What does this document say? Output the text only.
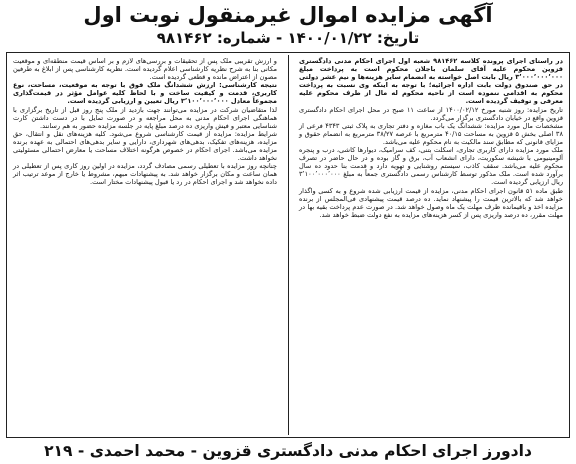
آگهی مزایده اموال غیرمنقول نوبت اول
تاریخ: ۱۴۰۰/۰۱/۲۲ - شماره: ۹۸۱۴۶۲

در راستای اجرای پرونده کلاسه ۹۸۱۴۶۲ شعبه اول اجرای احکام مدنی دادگستری قزوین محکوم علیه آقای سلمان باجلان محکوم است به پرداخت مبلغ ۳٬۰۰۰٬۰۰۰٬۰۰۰ ریال بابت اصل خواسته به انضمام سایر هزینه‌ها و نیم عشر دولتی در حق صندوق دولت بابت اداره اجرائیه؛ با توجه به اینکه وی نسبت به پرداخت محکوم به اقدامی ننموده است از ناحیه محکوم له مال از طرف محکوم علیه معرفی و توقیف گردیده است.

تاریخ مزایده: روز شنبه مورخ ۱۴۰۰/۰۲/۱۲ از ساعت ۱۱ صبح در محل اجرای احکام دادگستری قزوین واقع در خیابان دادگستری برگزار می‌گردد.

مشخصات مال مورد مزایده: ششدانگ یک باب مغازه و دفتر تجاری به پلاک ثبتی ۴۳۴۳ فرعی از ۳۸ اصلی بخش ۵ قزوین به مساحت ۴۰/۱۵ مترمربع با عرصه ۳۸/۲۷ مترمربع به انضمام حقوق و مزایای قانونی که مطابق سند مالکیت به نام محکوم علیه می‌باشد.

ملک مورد مزایده دارای کاربری تجاری، اسکلت بتنی، کف سرامیک، دیوارها کاشی، درب و پنجره آلومینیومی با شیشه سکوریت، دارای انشعاب آب، برق و گاز بوده و در حال حاضر در تصرف محکوم علیه می‌باشد. سقف کاذب، سیستم روشنایی و تهویه دارد و قدمت بنا حدود ده سال برآورد شده است. ملک مذکور توسط کارشناس رسمی دادگستری جمعاً به مبلغ ۳٬۱۰۰٬۰۰۰٬۰۰۰ ریال ارزیابی گردیده است.

طبق ماده ۵۱ قانون اجرای احکام مدنی، مزایده از قیمت ارزیابی شده شروع و به کسی واگذار خواهد شد که بالاترین قیمت را پیشنهاد نماید. ده درصد قیمت پیشنهادی فی‌المجلس از برنده مزایده اخذ و باقیمانده ظرف مهلت یک ماه وصول خواهد شد. در صورت عدم پرداخت بقیه بها در مهلت مقرر، ده درصد واریزی پس از کسر هزینه‌های مزایده به نفع دولت ضبط خواهد شد.

و ارزش تقریبی ملک پس از تحقیقات و بررسی‌های لازم و بر اساس قیمت منطقه‌ای و موقعیت مکانی بنا به شرح نظریه کارشناسی اعلام گردیده است. نظریه کارشناسی پس از ابلاغ به طرفین مصون از اعتراض مانده و قطعی گردیده است.

نتیجه کارشناسی: ارزش ششدانگ ملک فوق با توجه به موقعیت، مساحت، نوع کاربری، قدمت و کیفیت ساخت و با لحاظ کلیه عوامل مؤثر در قیمت‌گذاری مجموعاً معادل ۳٬۱۰۰٬۰۰۰٬۰۰۰ ریال تعیین و ارزیابی گردیده است.

لذا متقاضیان شرکت در مزایده می‌توانند جهت بازدید از ملک پنج روز قبل از تاریخ برگزاری با هماهنگی اجرای احکام مدنی به محل مراجعه و در صورت تمایل با در دست داشتن کارت شناسایی معتبر و فیش واریزی ده درصد مبلغ پایه در جلسه مزایده حضور به هم رسانند.

شرایط مزایده: مزایده از قیمت کارشناسی شروع می‌شود. کلیه هزینه‌های نقل و انتقال، حق مزایده، هزینه‌های تفکیک، بدهی‌های شهرداری، دارایی و سایر بدهی‌های احتمالی به عهده برنده مزایده می‌باشد. اجرای احکام در خصوص هرگونه اختلاف مساحت یا معارض احتمالی مسئولیتی نخواهد داشت.

چنانچه روز مزایده با تعطیلی رسمی مصادف گردد، مزایده در اولین روز کاری پس از تعطیلی در همان ساعت و مکان برگزار خواهد شد. به پیشنهادات مبهم، مشروط یا خارج از موعد ترتیب اثر داده نخواهد شد و اجرای احکام در رد یا قبول پیشنهادات مختار است.

دادورز اجرای احکام مدنی دادگستری قزوین - محمد احمدی - ۲۱۹
